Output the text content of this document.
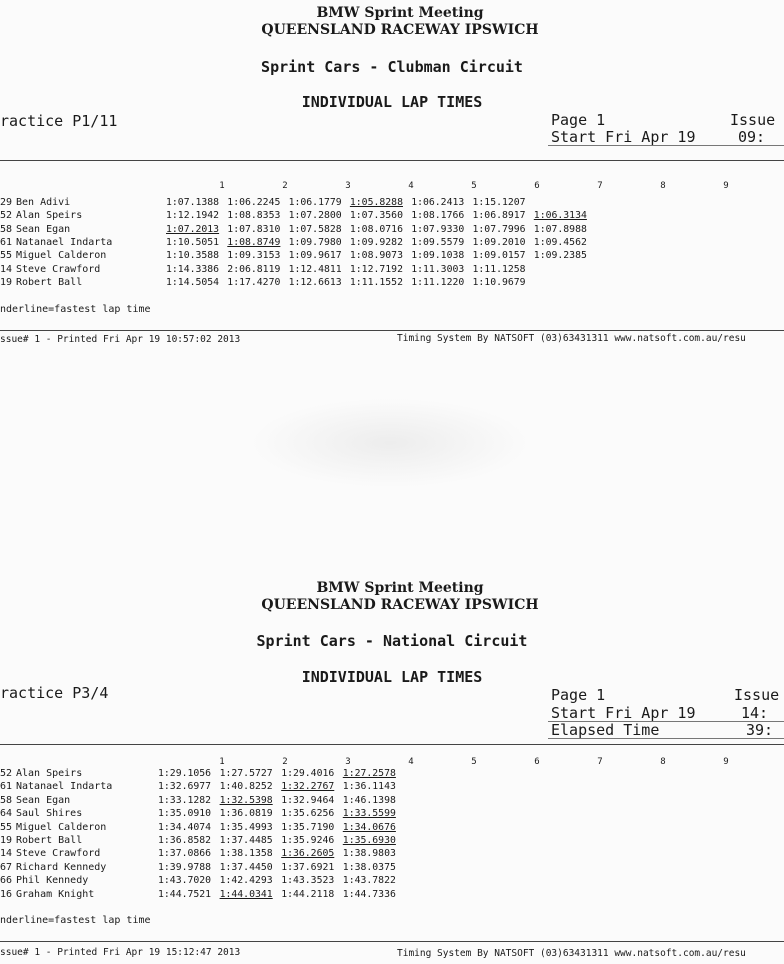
BMW Sprint Meeting
QUEENSLAND RACEWAY IPSWICH
Sprint Cars - Clubman Circuit
INDIVIDUAL LAP TIMES
ractice P1/11	Page 1	Issue
Start Fri Apr 19	09:
1	2	3	4	5	6	7	8	9
29 Ben Adivi	1:07.1388 1:06.2245 1:06.1779 1:05.8288 1:06.2413 1:15.1207
52 Alan Speirs	1:12.1942 1:08.8353 1:07.2800 1:07.3560 1:08.1766 1:06.8917 1:06.3134
58 Sean Egan	1:07.2013 1:07.8310 1:07.5828 1:08.0716 1:07.9330 1:07.7996 1:07.8988
61 Natanael Indarta	1:10.5051 1:08.8749 1:09.7980 1:09.9282 1:09.5579 1:09.2010 1:09.4562
55 Miguel Calderon	1:10.3588 1:09.3153 1:09.9617 1:08.9073 1:09.1038 1:09.0157 1:09.2385
14 Steve Crawford	1:14.3386 2:06.8119 1:12.4811 1:12.7192 1:11.3003 1:11.1258
19 Robert Ball	1:14.5054 1:17.4270 1:12.6613 1:11.1552 1:11.1220 1:10.9679
nderline=fastest lap time
ssue# 1 - Printed Fri Apr 19 10:57:02 2013	Timing System By NATSOFT (03)63431311 www.natsoft.com.au/resu
BMW Sprint Meeting
QUEENSLAND RACEWAY IPSWICH
Sprint Cars - National Circuit
INDIVIDUAL LAP TIMES
ractice P3/4	Page 1	Issue
Start Fri Apr 19	14:
Elapsed Time	39:
1	2	3	4	5	6	7	8	9
52 Alan Speirs	1:29.1056 1:27.5727 1:29.4016 1:27.2578
61 Natanael Indarta	1:32.6977 1:40.8252 1:32.2767 1:36.1143
58 Sean Egan	1:33.1282 1:32.5398 1:32.9464 1:46.1398
64 Saul Shires	1:35.0910 1:36.0819 1:35.6256 1:33.5599
55 Miguel Calderon	1:34.4074 1:35.4993 1:35.7190 1:34.0676
19 Robert Ball	1:36.8582 1:37.4485 1:35.9246 1:35.6930
14 Steve Crawford	1:37.0866 1:38.1358 1:36.2605 1:38.9803
67 Richard Kennedy	1:39.9788 1:37.4450 1:37.6921 1:38.0375
66 Phil Kennedy	1:43.7020 1:42.4293 1:43.3523 1:43.7822
16 Graham Knight	1:44.7521 1:44.0341 1:44.2118 1:44.7336
nderline=fastest lap time
ssue# 1 - Printed Fri Apr 19 15:12:47 2013	Timing System By NATSOFT (03)63431311 www.natsoft.com.au/resu
